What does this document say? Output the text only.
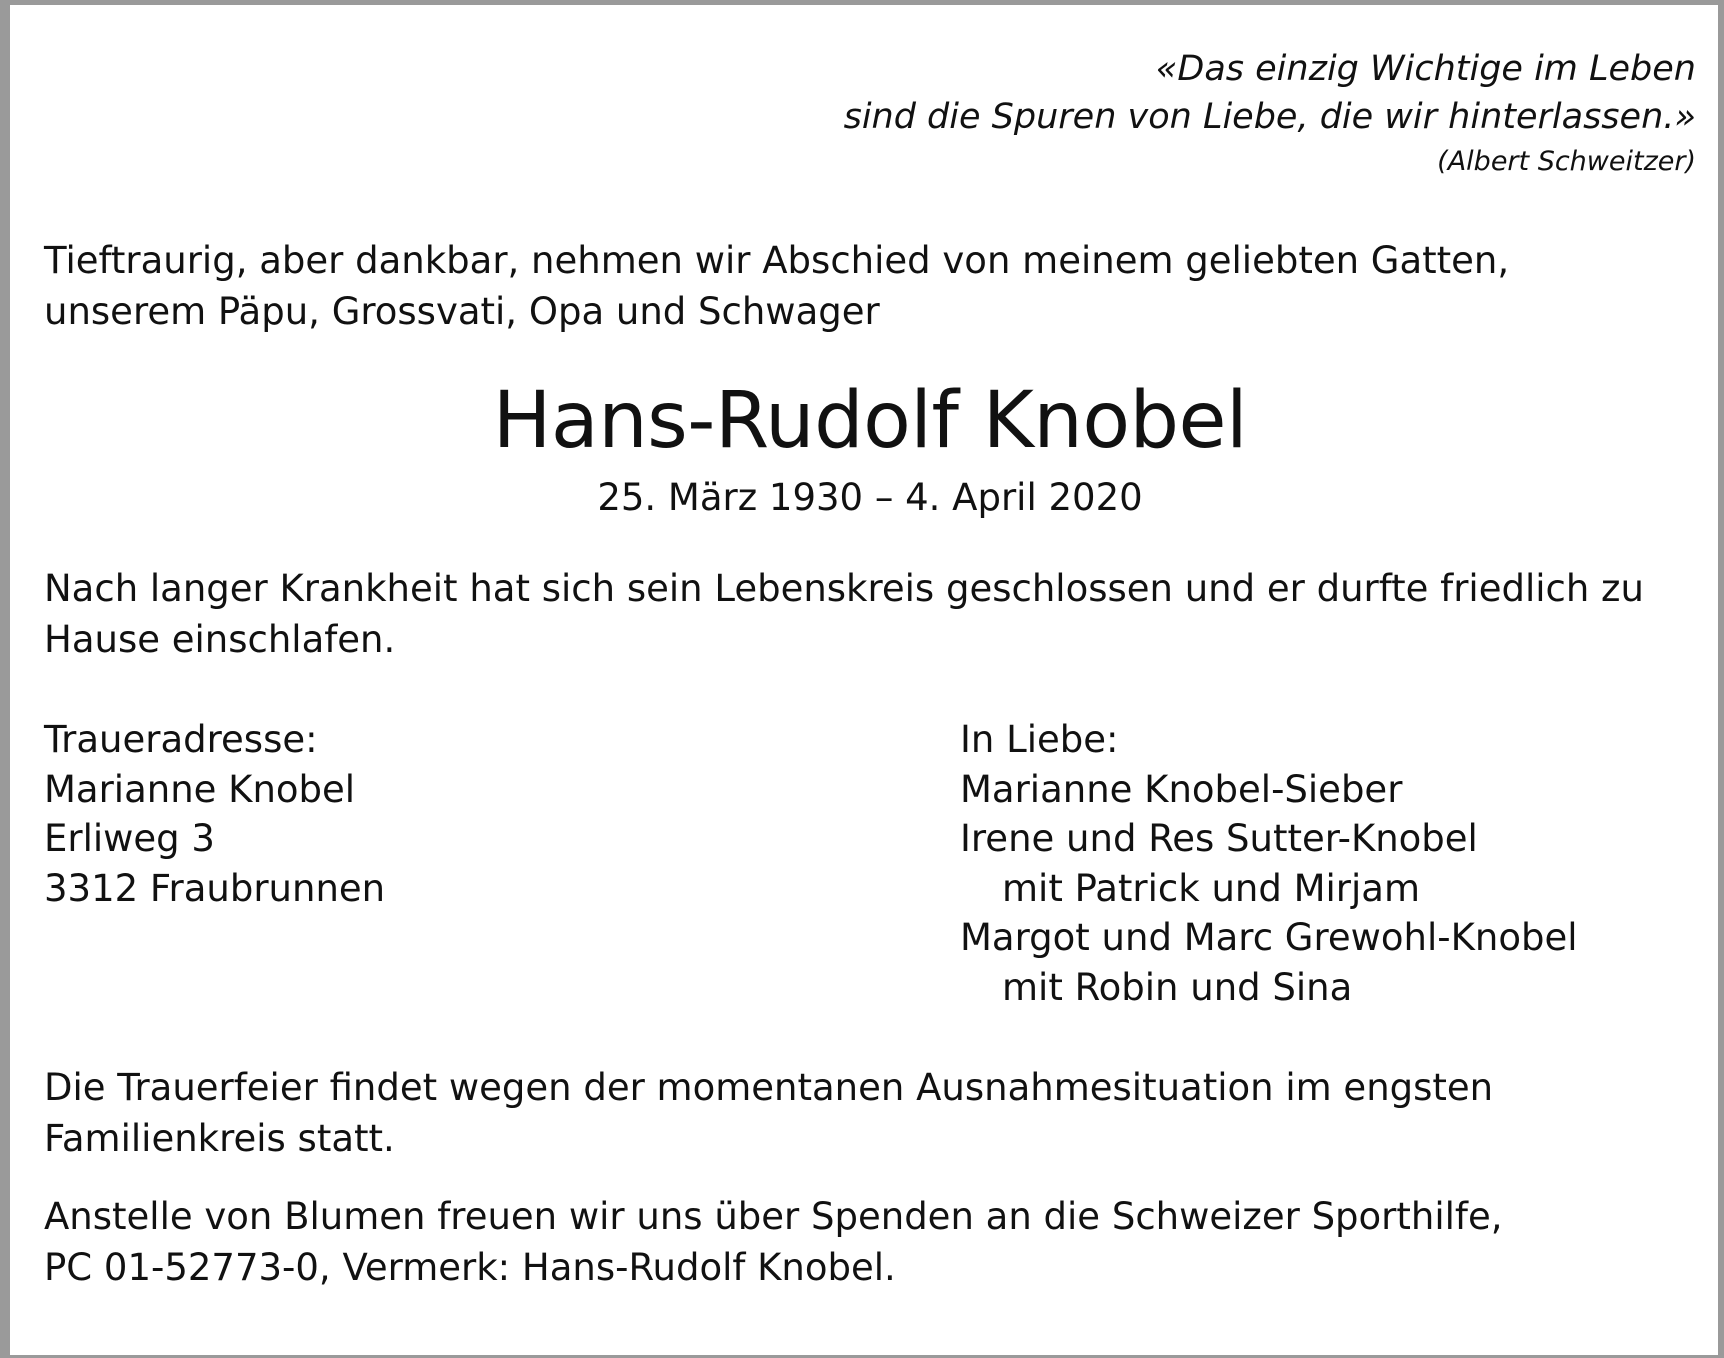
«Das einzig Wichtige im Leben
sind die Spuren von Liebe, die wir hinterlassen.»
(Albert Schweitzer)
Tieftraurig, aber dankbar, nehmen wir Abschied von meinem geliebten Gatten,
unserem Päpu, Grossvati, Opa und Schwager
Hans-Rudolf Knobel
25. März 1930 – 4. April 2020
Nach langer Krankheit hat sich sein Lebenskreis geschlossen und er durfte friedlich zu Hause einschlafen.
Traueradresse:
Marianne Knobel
Erliweg 3
3312 Fraubrunnen
In Liebe:
Marianne Knobel-Sieber
Irene und Res Sutter-Knobel
mit Patrick und Mirjam
Margot und Marc Grewohl-Knobel
mit Robin und Sina
Die Trauerfeier findet wegen der momentanen Ausnahmesituation im engsten Familienkreis statt.
Anstelle von Blumen freuen wir uns über Spenden an die Schweizer Sporthilfe,
PC 01-52773-0, Vermerk: Hans-Rudolf Knobel.
